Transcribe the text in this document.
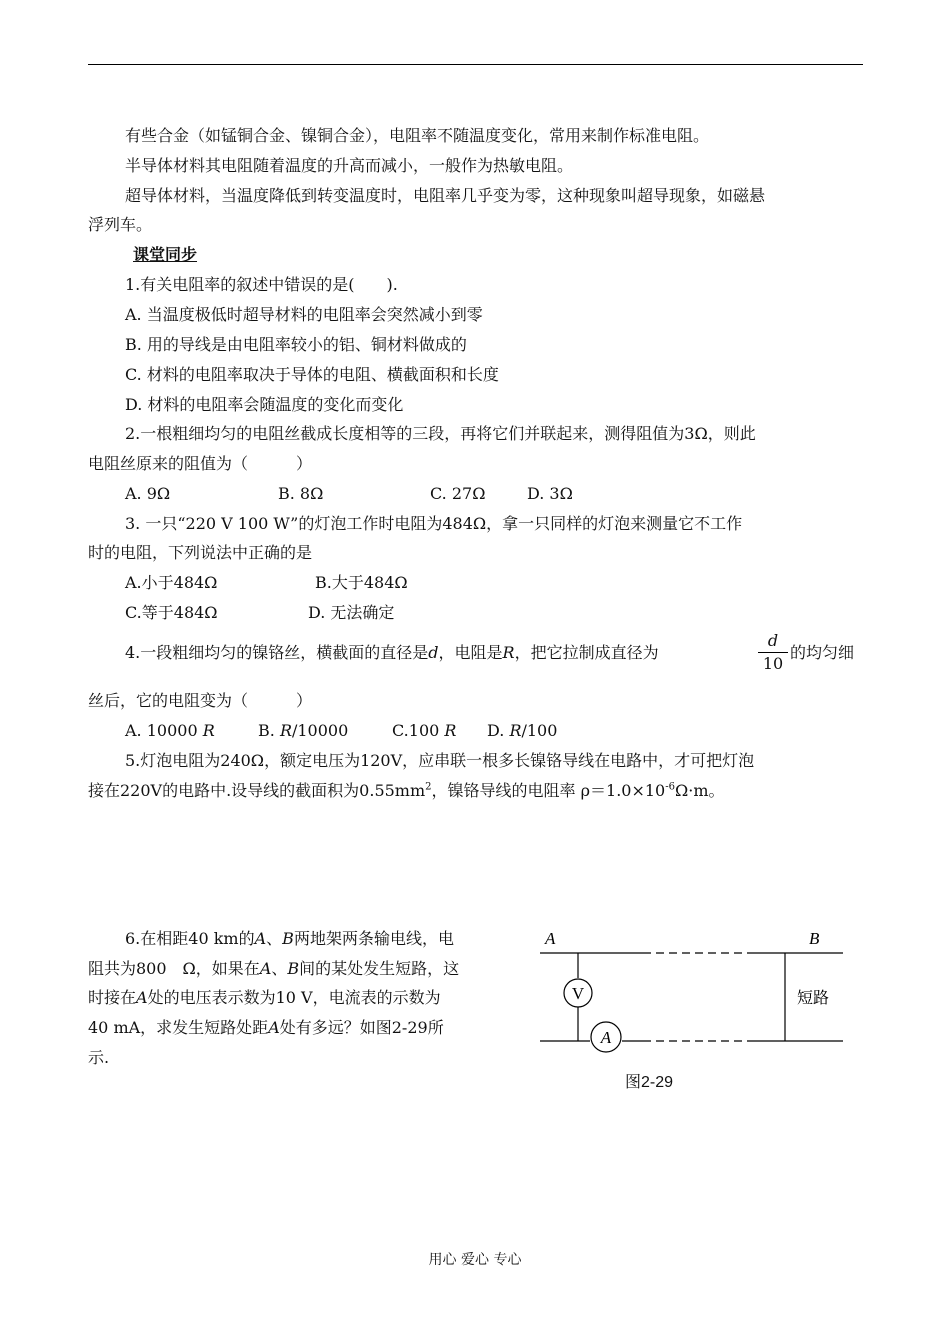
有些合金（如锰铜合金、镍铜合金），电阻率不随温度变化，常用来制作标准电阻。
半导体材料其电阻随着温度的升高而减小，一般作为热敏电阻。
超导体材料，当温度降低到转变温度时，电阻率几乎变为零，这种现象叫超导现象，如磁悬
浮列车。
课堂同步
1.有关电阻率的叙述中错误的是(　　).
A. 当温度极低时超导材料的电阻率会突然减小到零
B. 用的导线是由电阻率较小的铝、铜材料做成的
C. 材料的电阻率取决于导体的电阻、横截面积和长度
D. 材料的电阻率会随温度的变化而变化
2.一根粗细均匀的电阻丝截成长度相等的三段，再将它们并联起来，测得阻值为3Ω，则此
电阻丝原来的阻值为（　　　）
A. 9Ω	B. 8Ω	C. 27Ω	D. 3Ω
3. 一只“220 V 100 W”的灯泡工作时电阻为484Ω，拿一只同样的灯泡来测量它不工作
时的电阻，下列说法中正确的是
A.小于484Ω	B.大于484Ω
C.等于484Ω	D. 无法确定
4.一段粗细均匀的镍铬丝，横截面的直径是d，电阻是R，把它拉制成直径为	$\frac{d}{10}$ 的均匀细
丝后，它的电阻变为（　　　）
A. 10000 R	B. R/10000	C.100 R D. R/100
5.灯泡电阻为240Ω，额定电压为120V，应串联一根多长镍铬导线在电路中，才可把灯泡
接在220V的电路中.设导线的截面积为$0.55mm^2$，镍铬导线的电阻率 $\rho=1.0\times 10^{-6}\Omega\cdot m$。
6.在相距40 km的A、B两地架两条输电线，电
阻共为800　Ω，如果在A、B间的某处发生短路，这
时接在A处的电压表示数为10 V，电流表的示数为
40 mA，求发生短路处距A处有多远？如图2-29所
示.
A	B
V
A
短路
图2-29
用心 爱心 专心
